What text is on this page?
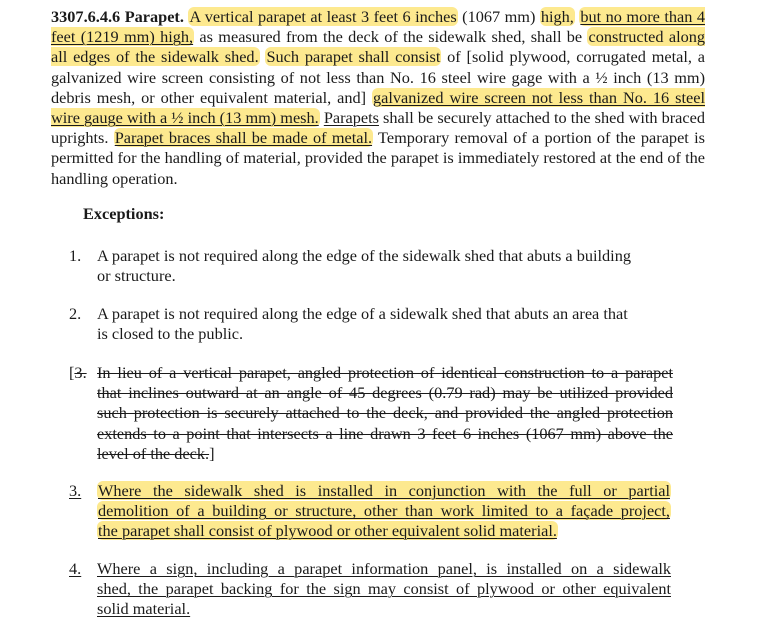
3307.6.4.6 Parapet. A vertical parapet at least 3 feet 6 inches (1067 mm) high, but no more than 4 feet (1219 mm) high, as measured from the deck of the sidewalk shed, shall be constructed along all edges of the sidewalk shed. Such parapet shall consist of [solid plywood, corrugated metal, a galvanized wire screen consisting of not less than No. 16 steel wire gage with a ½ inch (13 mm) debris mesh, or other equivalent material, and] galvanized wire screen not less than No. 16 steel wire gauge with a ½ inch (13 mm) mesh. Parapets shall be securely attached to the shed with braced uprights. Parapet braces shall be made of metal. Temporary removal of a portion of the parapet is permitted for the handling of material, provided the parapet is immediately restored at the end of the handling operation.
Exceptions:
1. A parapet is not required along the edge of the sidewalk shed that abuts a building
or structure.
2. A parapet is not required along the edge of a sidewalk shed that abuts an area that
is closed to the public.
[3. In lieu of a vertical parapet, angled protection of identical construction to a parapet
that inclines outward at an angle of 45 degrees (0.79 rad) may be utilized provided
such protection is securely attached to the deck, and provided the angled protection
extends to a point that intersects a line drawn 3 feet 6 inches (1067 mm) above the
level of the deck.]
3. Where the sidewalk shed is installed in conjunction with the full or partial
demolition of a building or structure, other than work limited to a façade project,
the parapet shall consist of plywood or other equivalent solid material.
4. Where a sign, including a parapet information panel, is installed on a sidewalk
shed, the parapet backing for the sign may consist of plywood or other equivalent
solid material.
